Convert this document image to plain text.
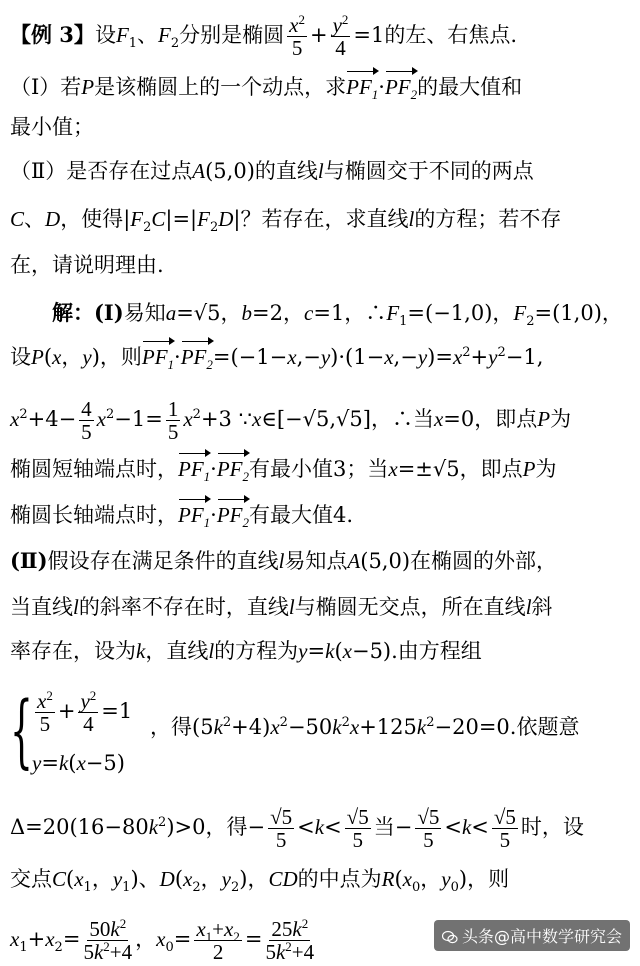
【例 3】设$F_1$、$F_2$分别是椭圆 $\frac{x^2}{5} + \frac{y^2}{4} =1$的左、右焦点.
（Ⅰ）若P是该椭圆上的一个动点，求$PF_1\cdot PF_2$的最大值和
最小值；
（Ⅱ）是否存在过点A(5,0)的直线l与椭圆交于不同的两点
C、D，使得$|F_2C|=|F_2D|$？若存在，求直线l的方程；若不存
在，请说明理由.
解：(Ⅰ)易知a=√5，b=2，c=1，$\therefore F_1=(-1,0)$，$F_2=(1,0)$，
设P(x，y)，则$PF_1\cdot PF_2=(-1-x,-y)\cdot(1-x,-y)=x^2+y^2-1$,
$x^2+4- \frac{4}{5} x^2-1= \frac{1}{5} x^2+3$ ∵x∈[−√5,√5]，∴当x=0，即点P为
椭圆短轴端点时，$PF_1\cdot PF_2$有最小值3；当x=±√5，即点P为
椭圆长轴端点时，$PF_1\cdot PF_2$有最大值4.
(Ⅱ)假设存在满足条件的直线l易知点A(5,0)在椭圆的外部，
当直线l的斜率不存在时，直线l与椭圆无交点，所在直线l斜
率存在，设为k，直线l的方程为y=k(x−5).由方程组
{ $\frac{x^2}{5} + \frac{y^2}{4} =1$
y=k(x−5)
，得$(5k^2+4)x^2-50k^2x+125k^2-20=0$.依题意
$\Delta=20(16-80k^2)>0$，得− $\frac{√5}{5} <k< \frac{√5}{5}$ 当− $\frac{√5}{5} <k< \frac{√5}{5}$ 时，设
交点$C(x_1$，$y_1$)、$D(x_2$，$y_2$)，CD的中点为$R(x_0$，$y_0$)，则
$x_1+x_2= \frac{50k^2}{5k^2+4}$ ，$x_0= \frac{x_1+x_2}{2} = \frac{25k^2}{5k^2+4}$	头条@高中数学研究会
